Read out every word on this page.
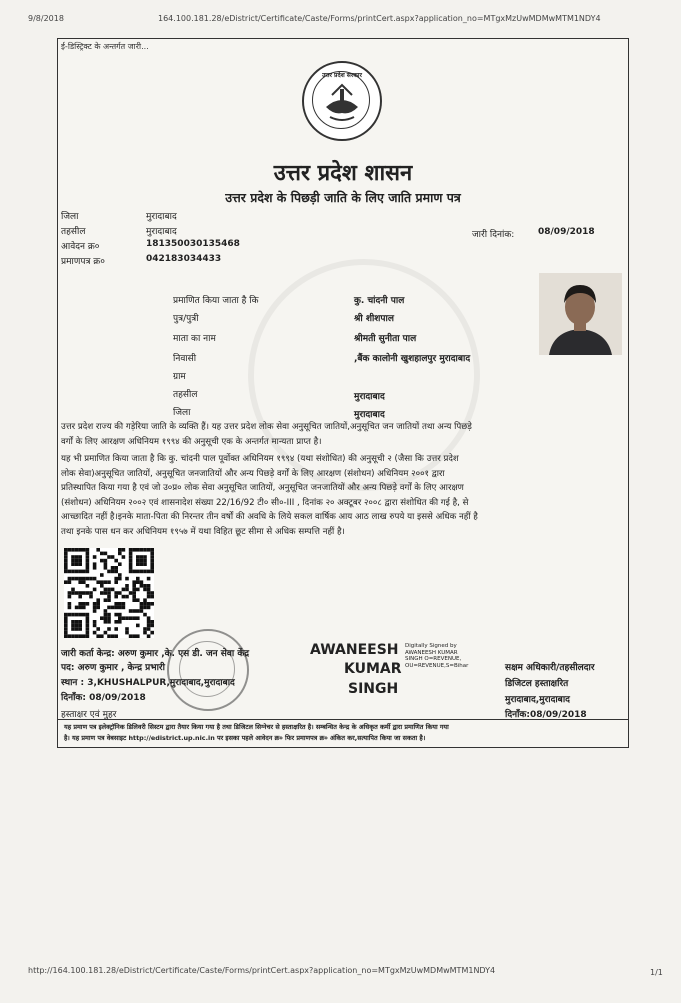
9/8/2018	164.100.181.28/eDistrict/Certificate/Caste/Forms/printCert.aspx?application_no=MTgxMzUwMDMwMTM1NDY4
ई-डिस्ट्रिक्ट के अन्तर्गत जारी...
उत्तर प्रदेश सरकार
उत्तर प्रदेश शासन
उत्तर प्रदेश के पिछड़ी जाति के लिए जाति प्रमाण पत्र
जिला	मुरादाबाद
तहसील	मुरादाबाद
आवेदन क्र०	181350030135468
प्रमाणपत्र क्र०	042183034433
जारी दिनांक:	08/09/2018
प्रमाणित किया जाता है कि	कु. चांदनी पाल
पुत्र/पुत्री	श्री शीशपाल
माता का नाम	श्रीमती सुनीता पाल
निवासी	,बैंक कालोनी खुशहालपुर मुरादाबाद
ग्राम
तहसील	मुरादाबाद
जिला	मुरादाबाद
उत्तर प्रदेश राज्य की गड़ेरिया जाति के व्यक्ति हैं। यह उत्तर प्रदेश लोक सेवा अनुसूचित जातियों,अनुसूचित जन जातियों तथा अन्य पिछड़े
वर्गों के लिए आरक्षण अधिनियम १९९४ की अनुसूची एक के अन्तर्गत मान्यता प्राप्त है।
यह भी प्रमाणित किया जाता है कि कु. चांदनी पाल पूर्वोक्त अधिनियम १९९४ (यथा संशोधित) की अनुसूची २ (जैसा कि उत्तर प्रदेश
लोक सेवा)अनुसूचित जातियों, अनुसूचित जनजातियों और अन्य पिछड़े वर्गों के लिए आरक्षण (संशोधन) अधिनियम २००१ द्वारा
प्रतिस्थापित किया गया है एवं जो उ०प्र० लोक सेवा अनुसूचित जातियों, अनुसूचित जनजातियों और अन्य पिछड़े वर्गों के लिए आरक्षण
(संशोधन) अधिनियम २००२ एवं शासनादेश संख्या 22/16/92 टी० सी०-III , दिनांक २० अक्टूबर २००८ द्वारा संशोधित की गई है, से
आच्छादित नहीं है।इनके माता-पिता की निरन्तर तीन वर्षों की अवधि के लिये सकल वार्षिक आय आठ लाख रुपये या इससे अधिक नहीं है
तथा इनके पास धन कर अधिनियम १९५७ में यथा विहित छूट सीमा से अधिक सम्पत्ति नहीं है।
जारी कर्ता केन्द्र: अरुण कुमार ,के. एस डी. जन सेवा केंद्र
पद: अरुण कुमार , केन्द्र प्रभारी
स्थान : 3,KHUSHALPUR,मुरादाबाद,मुरादाबाद
दिनाँक: 08/09/2018
हस्ताक्षर एवं मुहर
AWANEESH
KUMAR
SINGH
Digitally Signed by
AWANEESH KUMAR
SINGH O=REVENUE,
OU=REVENUE,S=Bihar	सक्षम अधिकारी/तहसीलदार
डिजिटल हस्ताक्षरित
मुरादाबाद,मुरादाबाद
दिनाँक:08/09/2018
यह प्रमाण पत्र इलेक्ट्रॉनिक डिलिवरी सिस्टम द्वारा तैयार किया गया है तथा डिजिटल सिग्नेचर से हस्ताक्षरित है। सम्बन्धित केन्द्र के अधिकृत कर्मी द्वारा प्रमाणित किया गया
है। यह प्रमाण पत्र वेबसाइट http://edistrict.up.nic.in पर इसका पहले आवेदन क्र० फिर प्रमाणपत्र क्र० अंकित कर,सत्यापित किया जा सकता है।
http://164.100.181.28/eDistrict/Certificate/Caste/Forms/printCert.aspx?application_no=MTgxMzUwMDMwMTM1NDY4	1/1
